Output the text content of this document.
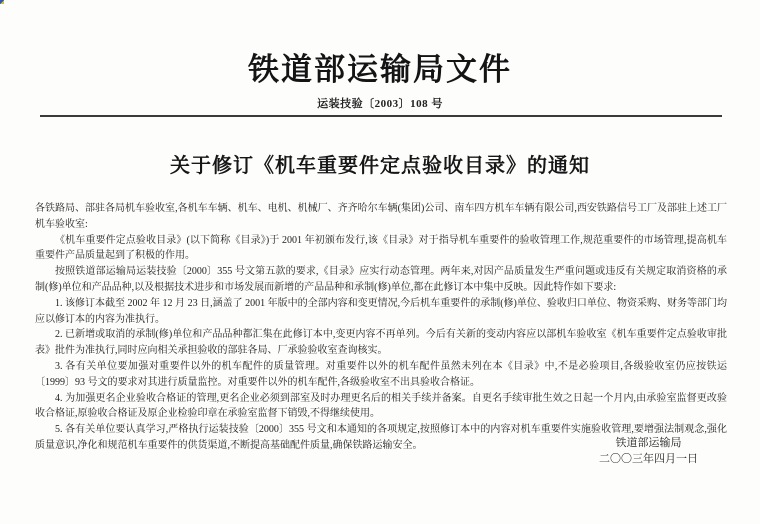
铁道部运输局文件
运装技验〔2003〕108 号
关于修订《机车重要件定点验收目录》的通知

各铁路局、部驻各局机车验收室,各机车车辆、机车、电机、机械厂、齐齐哈尔车辆(集团)公司、南车四方机车车辆有限公司,西安铁路信号工厂及部驻上述工厂机车验收室:

《机车重要件定点验收目录》(以下简称《目录》)于 2001 年初颁布发行,该《目录》对于指导机车重要件的验收管理工作,规范重要件的市场管理,提高机车重要件产品质量起到了积极的作用。

按照铁道部运输局运装技验〔2000〕355 号文第五款的要求,《目录》应实行动态管理。两年来,对因产品质量发生严重问题或违反有关规定取消资格的承制(修)单位和产品品种,以及根据技术进步和市场发展而新增的产品品种和承制(修)单位,都在此修订本中集中反映。因此特作如下要求:

1. 该修订本截至 2002 年 12 月 23 日,涵盖了 2001 年版中的全部内容和变更情况,今后机车重要件的承制(修)单位、验收归口单位、物资采购、财务等部门均应以修订本的内容为准执行。

2. 已新增或取消的承制(修)单位和产品品种都汇集在此修订本中,变更内容不再单列。今后有关新的变动内容应以部机车验收室《机车重要件定点验收审批表》批件为准执行,同时应向相关承担验收的部驻各局、厂承验验收室查询核实。

3. 各有关单位要加强对重要件以外的机车配件的质量管理。对重要件以外的机车配件虽然未列在本《目录》中,不是必验项目,各级验收室仍应按铁运〔1999〕93 号文的要求对其进行质量监控。对重要件以外的机车配件,各级验收室不出具验收合格证。

4. 为加强更名企业验收合格证的管理,更名企业必须到部室及时办理更名后的相关手续并备案。自更名手续审批生效之日起一个月内,由承验室监督更改验收合格证,原验收合格证及原企业检验印章在承验室监督下销毁,不得继续使用。

5. 各有关单位要认真学习,严格执行运装技验〔2000〕355 号文和本通知的各项规定,按照修订本中的内容对机车重要件实施验收管理,要增强法制观念,强化质量意识,净化和规范机车重要件的供货渠道,不断提高基础配件质量,确保铁路运输安全。	铁道部运输局
二〇〇三年四月一日
